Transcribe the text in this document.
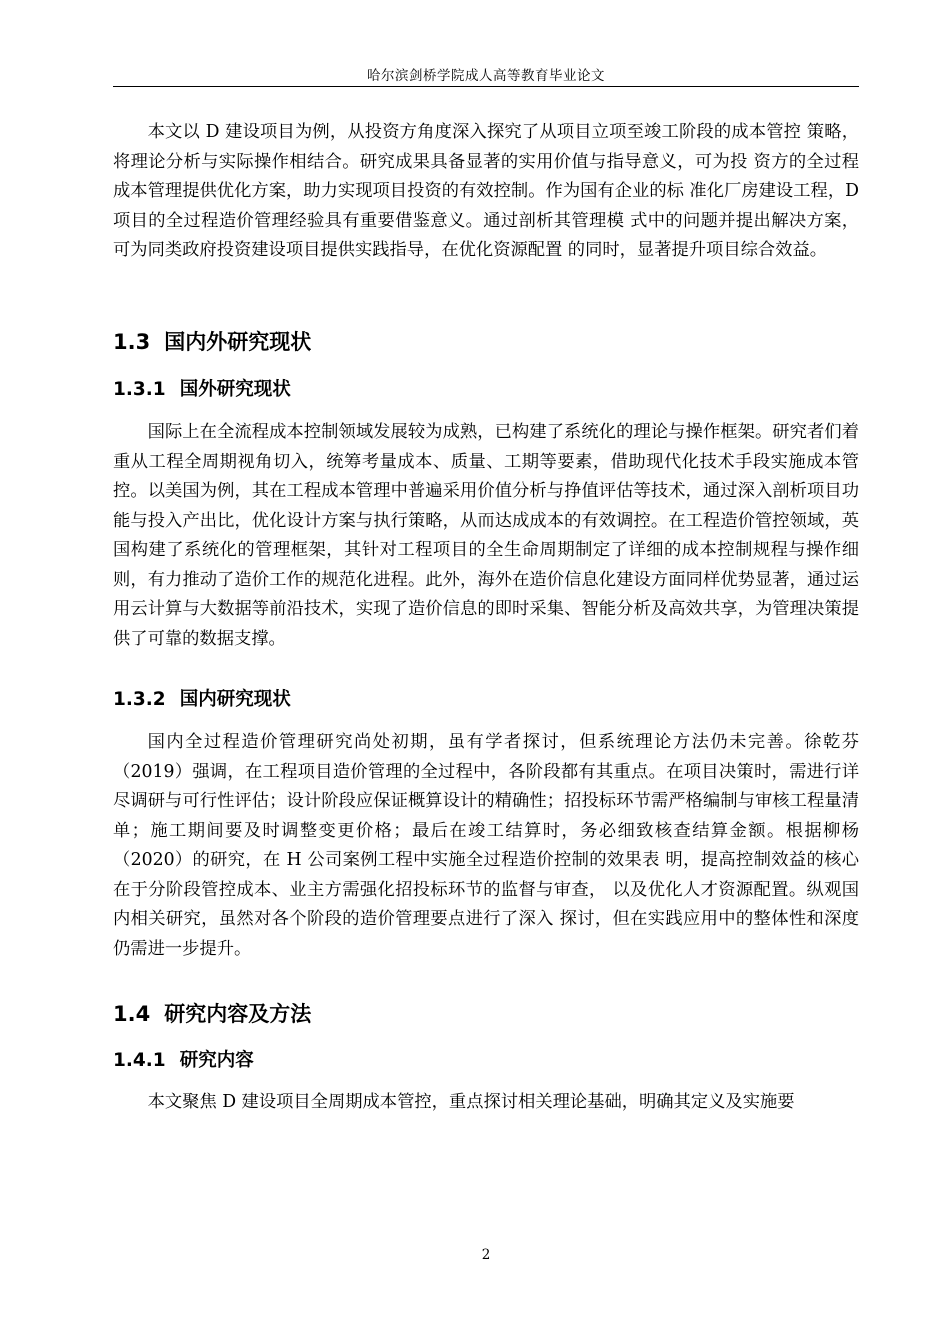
哈尔滨剑桥学院成人高等教育毕业论文

本文以 D 建设项目为例，从投资方角度深入探究了从项目立项至竣工阶段的成本管控 策略，将理论分析与实际操作相结合。研究成果具备显著的实用价值与指导意义，可为投 资方的全过程成本管理提供优化方案，助力实现项目投资的有效控制。作为国有企业的标 准化厂房建设工程，D 项目的全过程造价管理经验具有重要借鉴意义。通过剖析其管理模 式中的问题并提出解决方案，可为同类政府投资建设项目提供实践指导，在优化资源配置 的同时，显著提升项目综合效益。

1.3 国内外研究现状
1.3.1 国外研究现状

国际上在全流程成本控制领域发展较为成熟，已构建了系统化的理论与操作框架。研究者们着重从工程全周期视角切入，统筹考量成本、质量、工期等要素，借助现代化技术手段实施成本管控。以美国为例，其在工程成本管理中普遍采用价值分析与挣值评估等技术，通过深入剖析项目功能与投入产出比，优化设计方案与执行策略，从而达成成本的有效调控。在工程造价管控领域，英国构建了系统化的管理框架，其针对工程项目的全生命周期制定了详细的成本控制规程与操作细则，有力推动了造价工作的规范化进程。此外，海外在造价信息化建设方面同样优势显著，通过运用云计算与大数据等前沿技术，实现了造价信息的即时采集、智能分析及高效共享，为管理决策提供了可靠的数据支撑。

1.3.2 国内研究现状

国内全过程造价管理研究尚处初期，虽有学者探讨，但系统理论方法仍未完善。徐乾芬（2019）强调，在工程项目造价管理的全过程中，各阶段都有其重点。在项目决策时，需进行详尽调研与可行性评估；设计阶段应保证概算设计的精确性；招投标环节需严格编制与审核工程量清单；施工期间要及时调整变更价格；最后在竣工结算时，务必细致核查结算金额。根据柳杨（2020）的研究，在 H 公司案例工程中实施全过程造价控制的效果表 明，提高控制效益的核心在于分阶段管控成本、业主方需强化招投标环节的监督与审查， 以及优化人才资源配置。纵观国内相关研究，虽然对各个阶段的造价管理要点进行了深入 探讨，但在实践应用中的整体性和深度仍需进一步提升。

1.4 研究内容及方法
1.4.1 研究内容

本文聚焦 D 建设项目全周期成本管控，重点探讨相关理论基础，明确其定义及实施要

2
